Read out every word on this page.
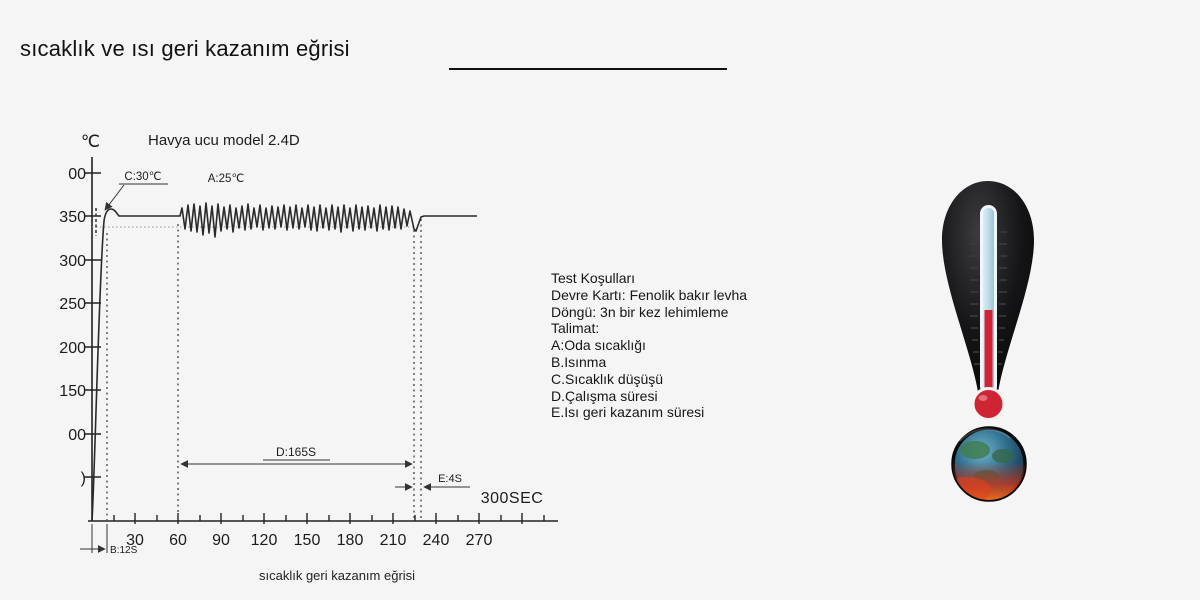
sıcaklık ve ısı geri kazanım eğrisi
℃	Havya ucu model 2.4D
00
350
300
250
200
150
00
)
30 60 90 120 150 180 210 240 270
300SEC
C:30℃	A:25℃
D:165S
E:4S
B:12S
Test Koşulları
Devre Kartı: Fenolik bakır levha
Döngü: 3n bir kez lehimleme
Talimat:
A:Oda sıcaklığı
B.Isınma
C.Sıcaklık düşüşü
D.Çalışma süresi
E.Isı geri kazanım süresi
sıcaklık geri kazanım eğrisi
